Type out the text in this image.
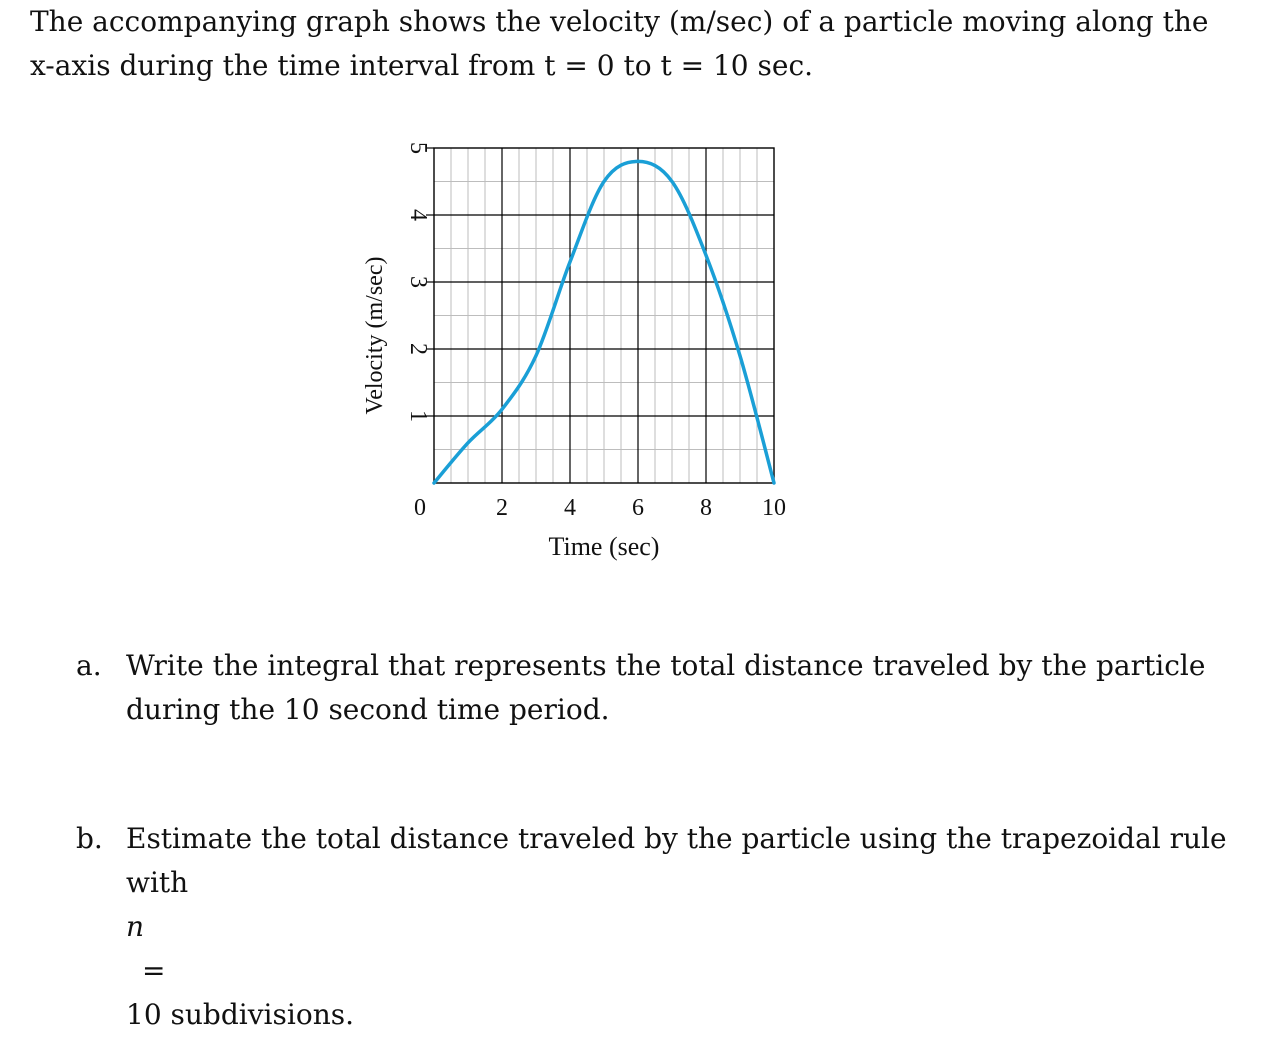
The accompanying graph shows the velocity (m/sec) of a particle moving along the
x-axis during the time interval from t = 0 to t = 10 sec.

0	2 4 6 8 10
1
2
3
4
5
Time (sec)
Velocity (m/sec)
a. Write the integral that represents the total distance traveled by the particle
during the 10 second time period.
b. Estimate the total distance traveled by the particle using the trapezoidal rule
with
n
=
10 subdivisions.
